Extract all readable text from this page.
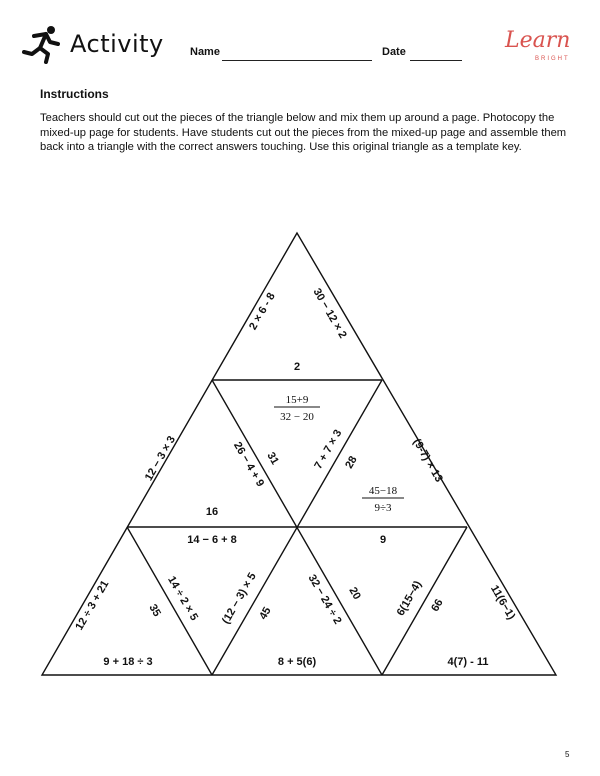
Activity Name	Date	Learn
BRIGHT
Instructions
Teachers should cut out the pieces of the triangle below and mix them up around a page. Photocopy the mixed-up page for students. Have students cut out the pieces from the mixed-up page and assemble them back into a triangle with the correct answers touching. Use this original triangle as a template key.
2 × 6 - 8	30 − 12 × 2
2
15+9
32 − 20
26 − 4 + 9
31	7 + 7 × 3
28
12 − 3 × 3
16
(9-7) × 13
45−18
9÷3
14 − 6 + 8	9
12 ÷ 3 + 21	35
9 + 18 ÷ 3
14 ÷ 2 × 5 (12 − 3) × 5
45	32 − 24 ÷ 2
8 + 5(6)
20	6(15−4) 66	11(6−1)
4(7) - 11
5
